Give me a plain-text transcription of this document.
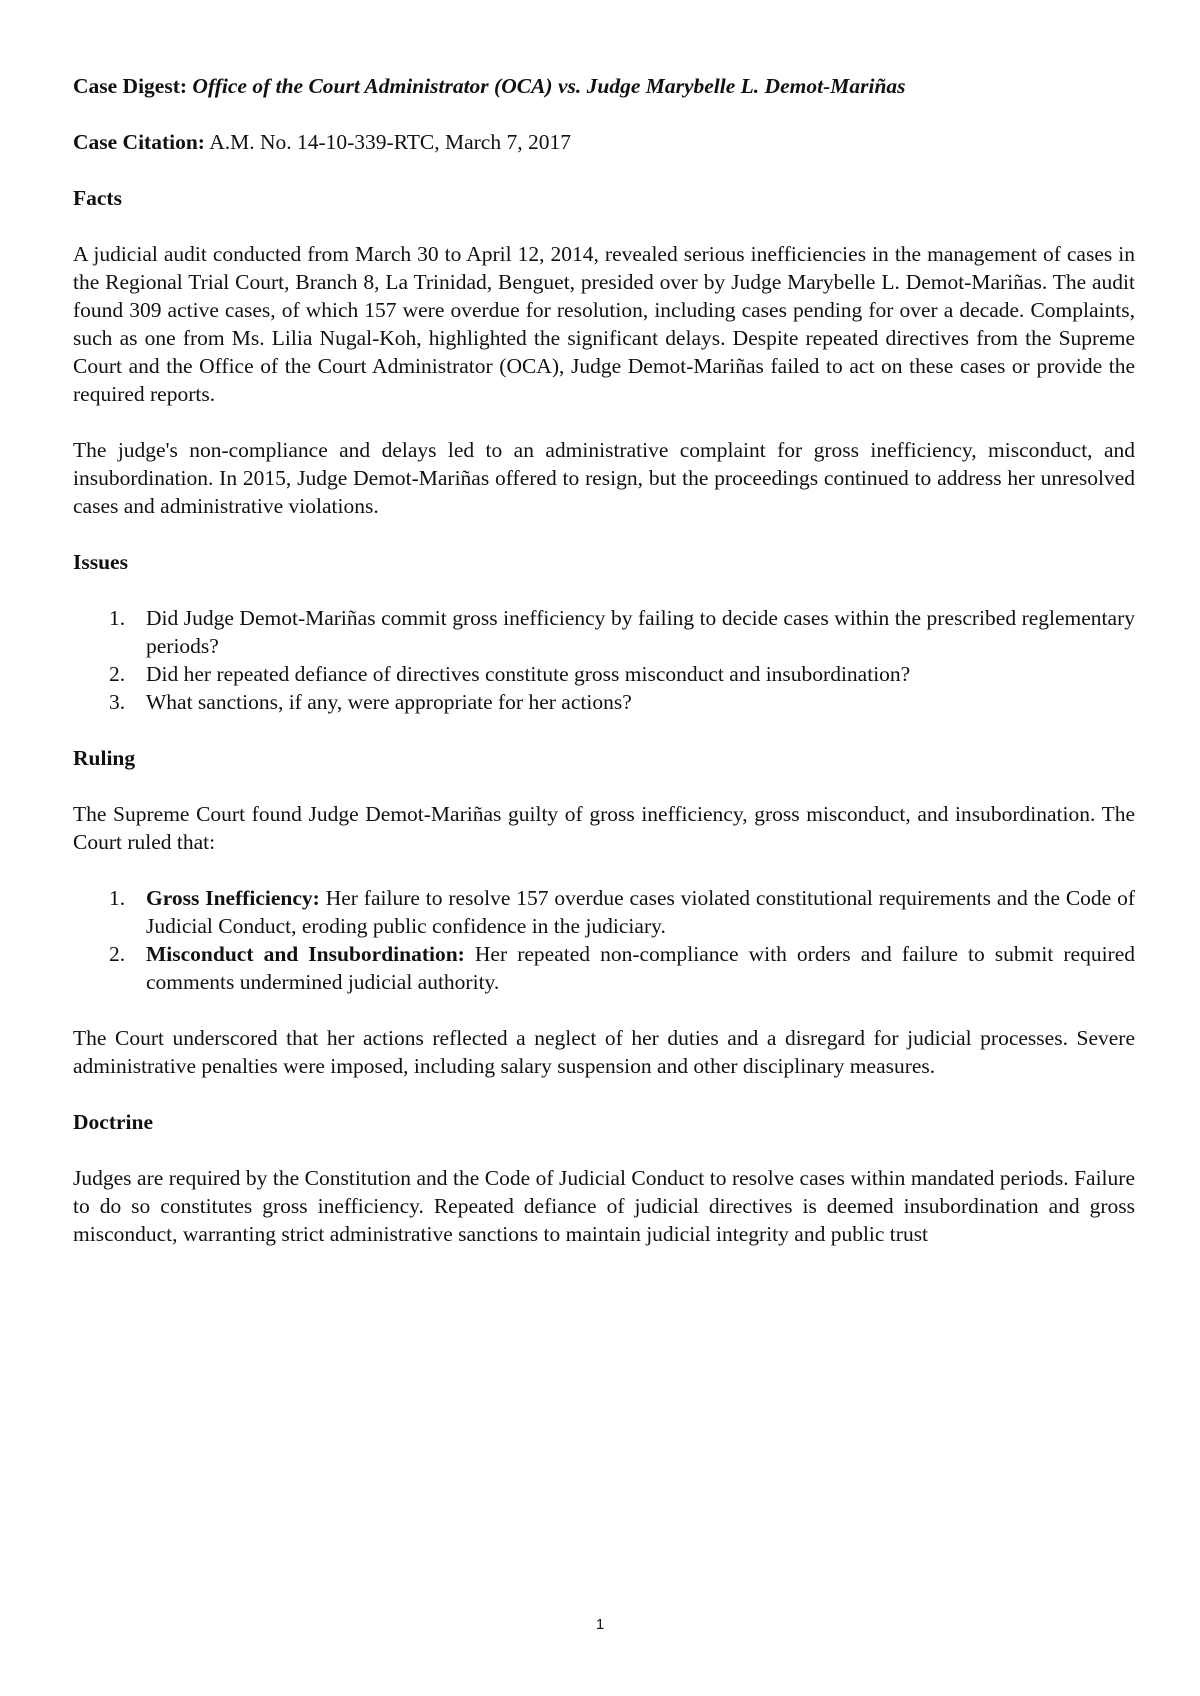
Case Digest: Office of the Court Administrator (OCA) vs. Judge Marybelle L. Demot-Mariñas

Case Citation: A.M. No. 14-10-339-RTC, March 7, 2017

Facts

A judicial audit conducted from March 30 to April 12, 2014, revealed serious inefficiencies in the management of cases in the Regional Trial Court, Branch 8, La Trinidad, Benguet, presided over by Judge Marybelle L. Demot-Mariñas. The audit found 309 active cases, of which 157 were overdue for resolution, including cases pending for over a decade. Complaints, such as one from Ms. Lilia Nugal-Koh, highlighted the significant delays. Despite repeated directives from the Supreme Court and the Office of the Court Administrator (OCA), Judge Demot-Mariñas failed to act on these cases or provide the required reports.

The judge's non-compliance and delays led to an administrative complaint for gross inefficiency, misconduct, and insubordination. In 2015, Judge Demot-Mariñas offered to resign, but the proceedings continued to address her unresolved cases and administrative violations.

Issues
1. Did Judge Demot-Mariñas commit gross inefficiency by failing to decide cases within the prescribed reglementary periods?
2. Did her repeated defiance of directives constitute gross misconduct and insubordination?
3. What sanctions, if any, were appropriate for her actions?
Ruling

The Supreme Court found Judge Demot-Mariñas guilty of gross inefficiency, gross misconduct, and insubordination. The Court ruled that:

1. Gross Inefficiency: Her failure to resolve 157 overdue cases violated constitutional requirements and the Code of Judicial Conduct, eroding public confidence in the judiciary.
2. Misconduct and Insubordination: Her repeated non-compliance with orders and failure to submit required comments undermined judicial authority.

The Court underscored that her actions reflected a neglect of her duties and a disregard for judicial processes. Severe administrative penalties were imposed, including salary suspension and other disciplinary measures.

Doctrine

Judges are required by the Constitution and the Code of Judicial Conduct to resolve cases within mandated periods. Failure to do so constitutes gross inefficiency. Repeated defiance of judicial directives is deemed insubordination and gross misconduct, warranting strict administrative sanctions to maintain judicial integrity and public trust

1
